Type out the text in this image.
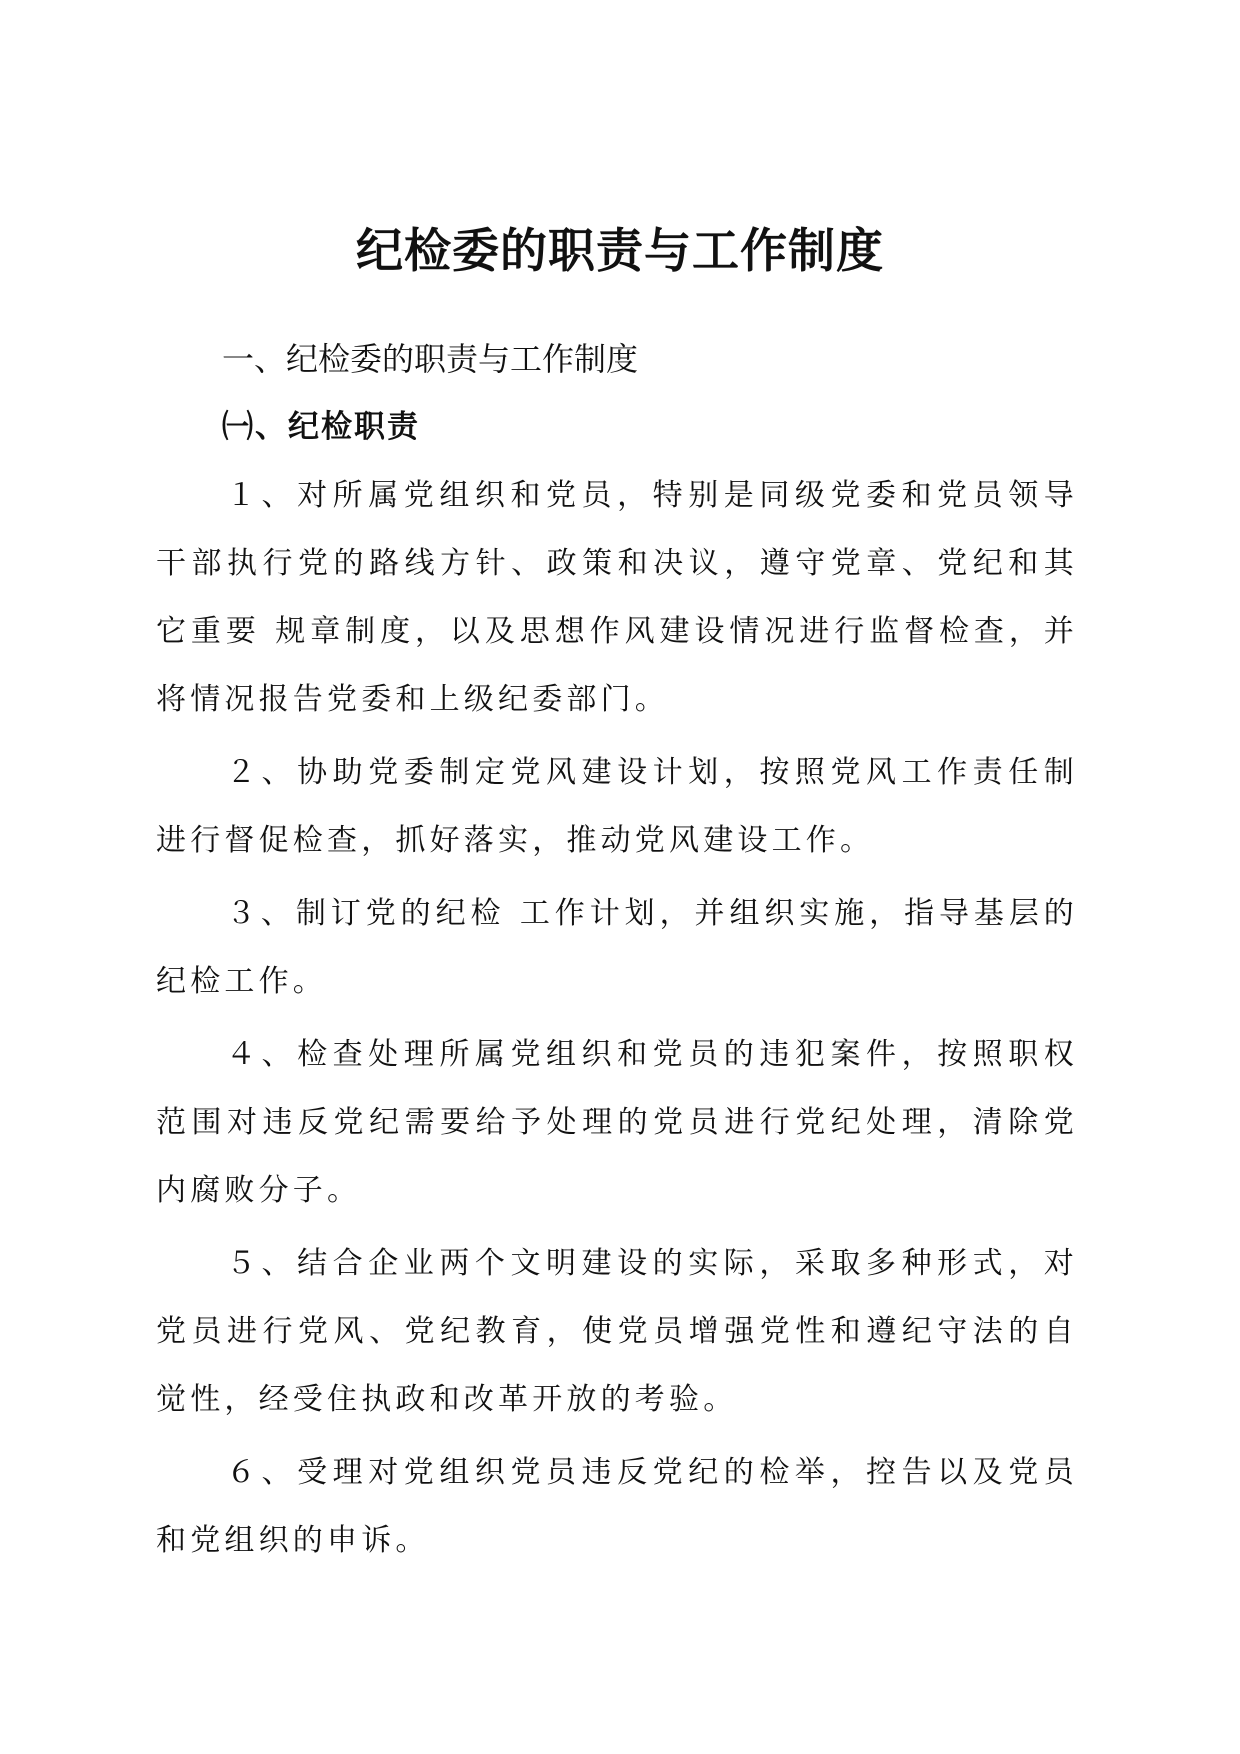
纪检委的职责与工作制度
一、纪检委的职责与工作制度
㈠、纪检职责

１、对所属党组织和党员，特别是同级党委和党员领导干部执行党的路线方针、政策和决议，遵守党章、党纪和其它重要 规章制度，以及思想作风建设情况进行监督检查，并将情况报告党委和上级纪委部门。

２、协助党委制定党风建设计划，按照党风工作责任制进行督促检查，抓好落实，推动党风建设工作。

３、制订党的纪检 工作计划，并组织实施，指导基层的纪检工作。

４、检查处理所属党组织和党员的违犯案件，按照职权范围对违反党纪需要给予处理的党员进行党纪处理，清除党内腐败分子。

５、结合企业两个文明建设的实际，采取多种形式，对党员进行党风、党纪教育，使党员增强党性和遵纪守法的自觉性，经受住执政和改革开放的考验。

６、受理对党组织党员违反党纪的检举，控告以及党员和党组织的申诉。
